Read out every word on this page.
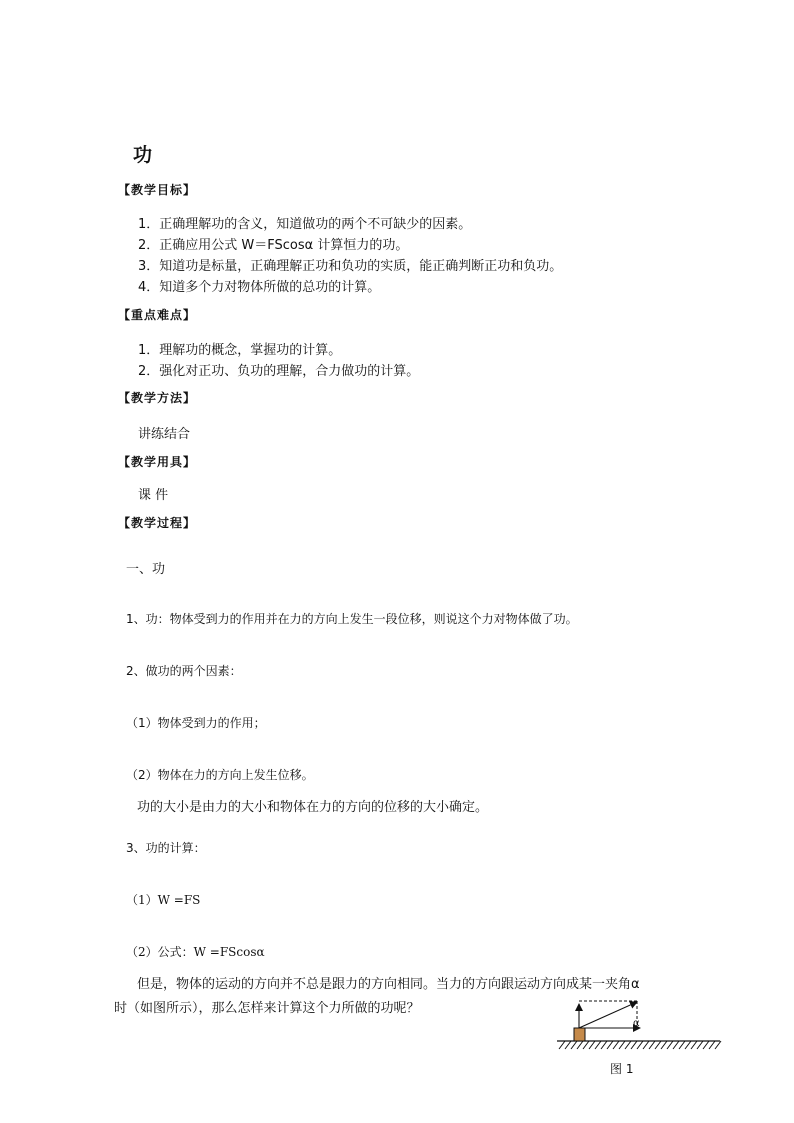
功
【教学目标】
1．正确理解功的含义，知道做功的两个不可缺少的因素。
2．正确应用公式 W＝FScosα 计算恒力的功。
3．知道功是标量，正确理解正功和负功的实质，能正确判断正功和负功。
4．知道多个力对物体所做的总功的计算。
【重点难点】
1．理解功的概念，掌握功的计算。
2．强化对正功、负功的理解，合力做功的计算。
【教学方法】
讲练结合
【教学用具】
课 件
【教学过程】
一、功
1、功：物体受到力的作用并在力的方向上发生一段位移，则说这个力对物体做了功。
2、做功的两个因素：
（1）物体受到力的作用；
（2）物体在力的方向上发生位移。
功的大小是由力的大小和物体在力的方向的位移的大小确定。
3、功的计算：
（1）W =FS
（2）公式：W =FScosα
但是，物体的运动的方向并不总是跟力的方向相同。当力的方向跟运动方向成某一夹角α
时（如图所示），那么怎样来计算这个力所做的功呢？
α
图 1
